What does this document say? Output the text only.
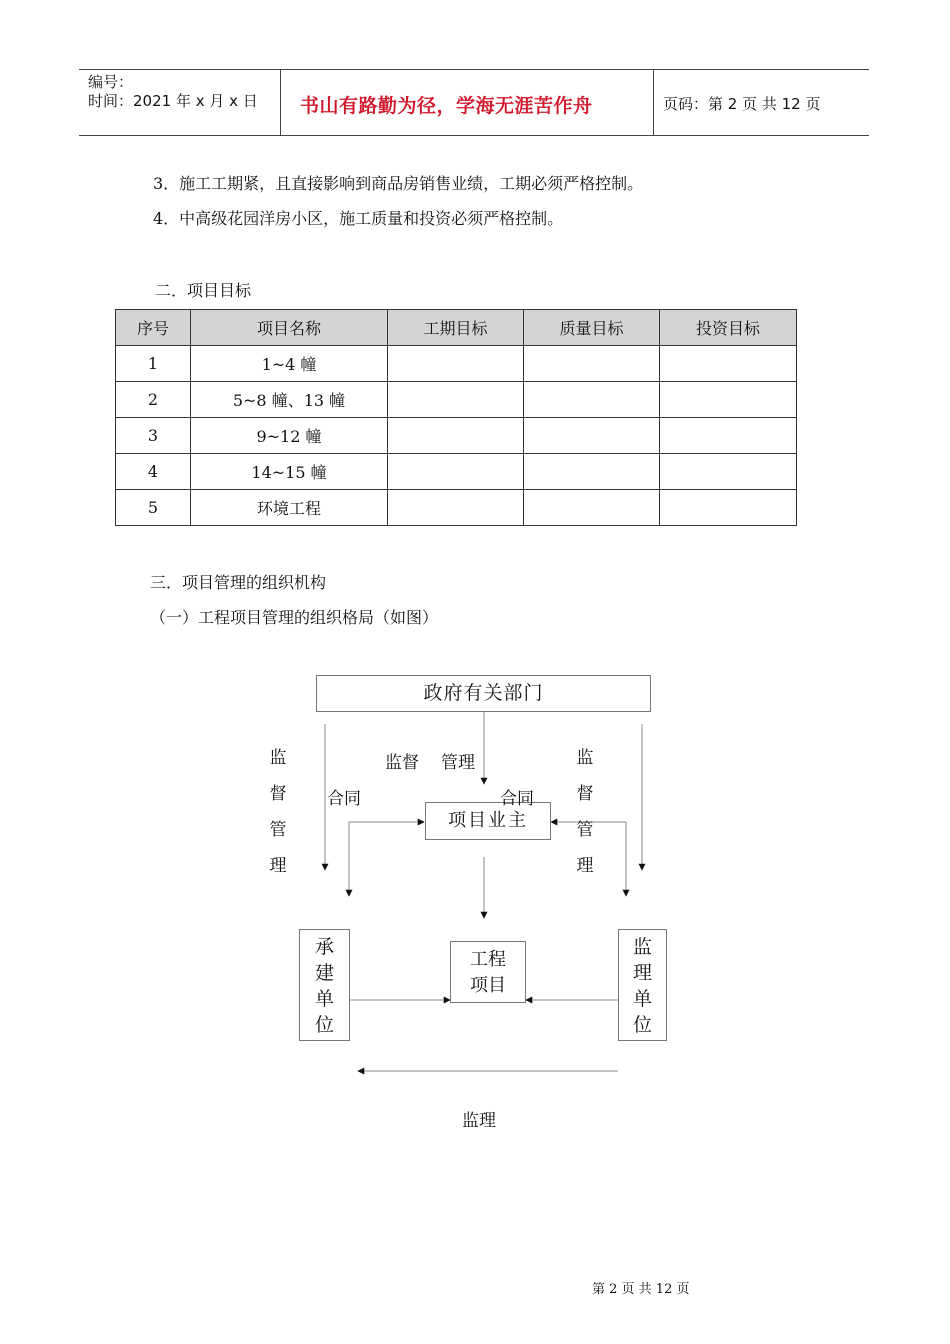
编号：
时间：2021 年 x 月 x 日 书山有路勤为径，学海无涯苦作舟	页码：第 2 页 共 12 页
3．施工工期紧，且直接影响到商品房销售业绩，工期必须严格控制。
4．中高级花园洋房小区，施工质量和投资必须严格控制。
二．项目目标
序号	项目名称	工期目标	质量目标	投资目标
1	1~4 幢			
2	5~8 幢、13 幢			
3	9~12 幢			
4	14~15 幢			
5	环境工程			
三．项目管理的组织机构
（一）工程项目管理的组织格局（如图）
政府有关部门
项目业主
承
建
单
位
工程
项目
监
理
单
位
监
督
管
理
监
督
管
理
监督 管理
合同	合同
监理
第 2 页 共 12 页
